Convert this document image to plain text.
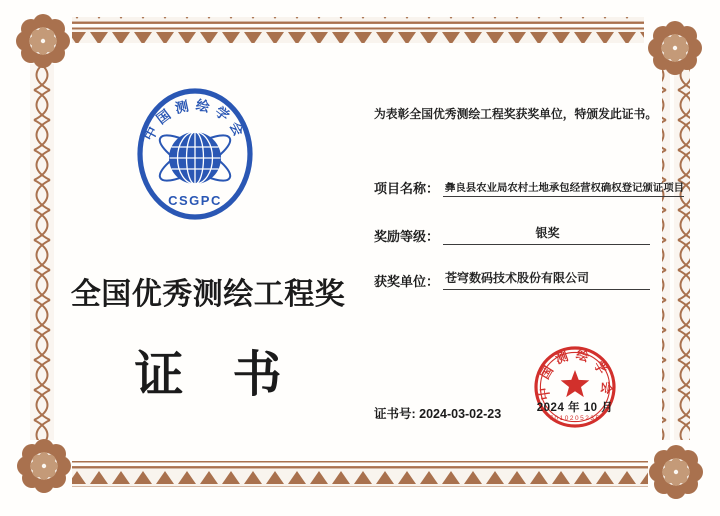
中国测绘学会
CSGPC
全国优秀测绘工程奖
证　书
为表彰全国优秀测绘工程奖获奖单位，特颁发此证书。
项目名称： 彝良县农业局农村土地承包经营权确权登记颁证项目
奖励等级：	银奖
获奖单位： 苍穹数码技术股份有限公司
证书号: 2024-03-02-23
中国测绘学会
2024 年 10 月
7010205235
